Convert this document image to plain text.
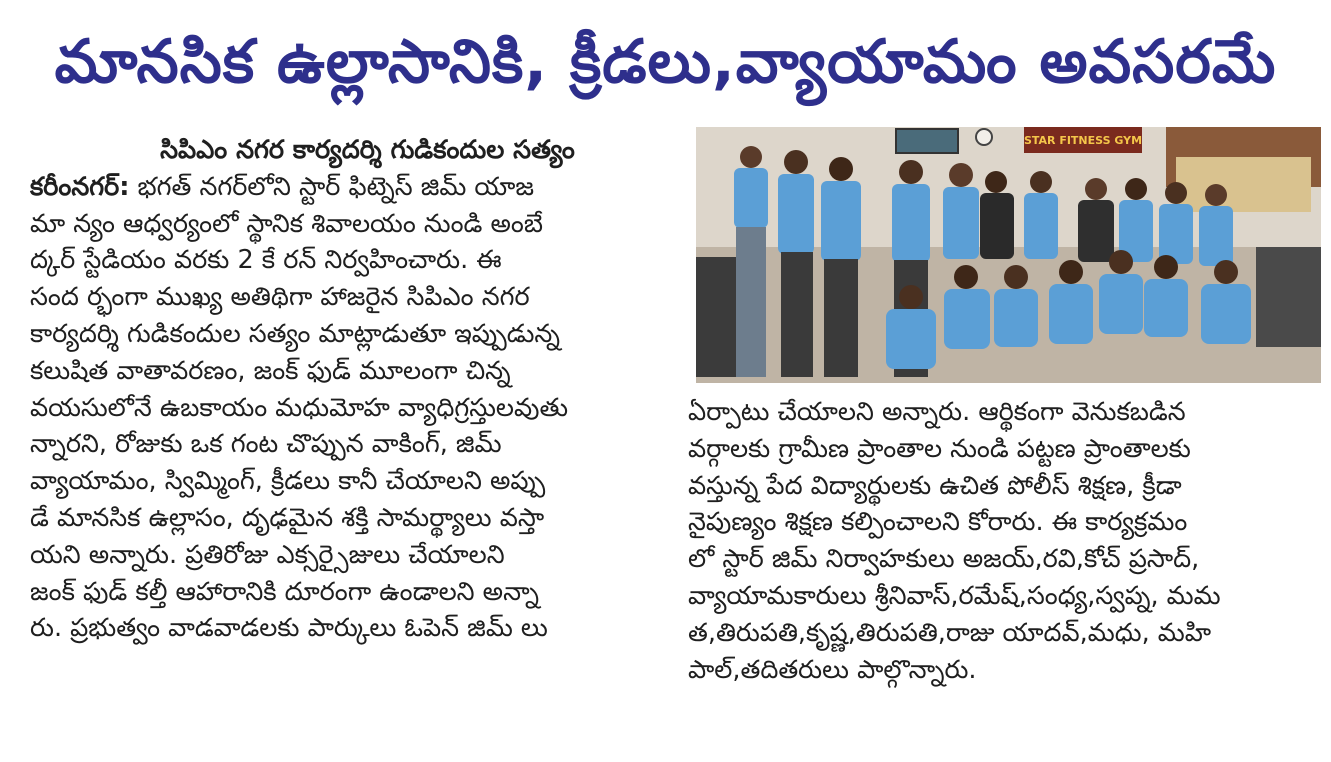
మానసిక ఉల్లాసానికి, క్రీడలు,వ్యాయామం అవసరమే
సిపిఎం నగర కార్యదర్శి గుడికందుల సత్యం
కరీంనగర్: భగత్ నగర్‌లోని స్టార్ ఫిట్నెస్ జిమ్ యాజ
మా న్యం ఆధ్వర్యంలో స్థానిక శివాలయం నుండి అంబే
ద్కర్ స్టేడియం వరకు 2 కే రన్ నిర్వహించారు. ఈ
సంద ర్భంగా ముఖ్య అతిథిగా హాజరైన సిపిఎం నగర
కార్యదర్శి గుడికందుల సత్యం మాట్లాడుతూ ఇప్పుడున్న
కలుషిత వాతావరణం, జంక్ ఫుడ్ మూలంగా చిన్న
వయసులోనే ఉబకాయం మధుమోహ వ్యాధిగ్రస్తులవుతు
న్నారని, రోజుకు ఒక గంట చొప్పున వాకింగ్, జిమ్
వ్యాయామం, స్విమ్మింగ్, క్రీడలు కానీ చేయాలని అప్పు
డే మానసిక ఉల్లాసం, దృఢమైన శక్తి సామర్థ్యాలు వస్తా
యని అన్నారు. ప్రతిరోజు ఎక్సర్సైజులు చేయాలని
జంక్ ఫుడ్ కల్తీ ఆహారానికి దూరంగా ఉండాలని అన్నా
రు. ప్రభుత్వం వాడవాడలకు పార్కులు ఓపెన్ జిమ్ లు
STAR FITNESS GYM
ఏర్పాటు చేయాలని అన్నారు. ఆర్థికంగా వెనుకబడిన
వర్గాలకు గ్రామీణ ప్రాంతాల నుండి పట్టణ ప్రాంతాలకు
వస్తున్న పేద విద్యార్థులకు ఉచిత పోలీస్ శిక్షణ, క్రీడా
నైపుణ్యం శిక్షణ కల్పించాలని కోరారు. ఈ కార్యక్రమం
లో స్టార్ జిమ్ నిర్వాహకులు అజయ్,రవి,కోచ్ ప్రసాద్,
వ్యాయామకారులు శ్రీనివాస్,రమేష్,సంధ్య,స్వప్న, మమ
త,తిరుపతి,కృష్ణ,తిరుపతి,రాజు యాదవ్,మధు, మహి
పాల్,తదితరులు పాల్గొన్నారు.
